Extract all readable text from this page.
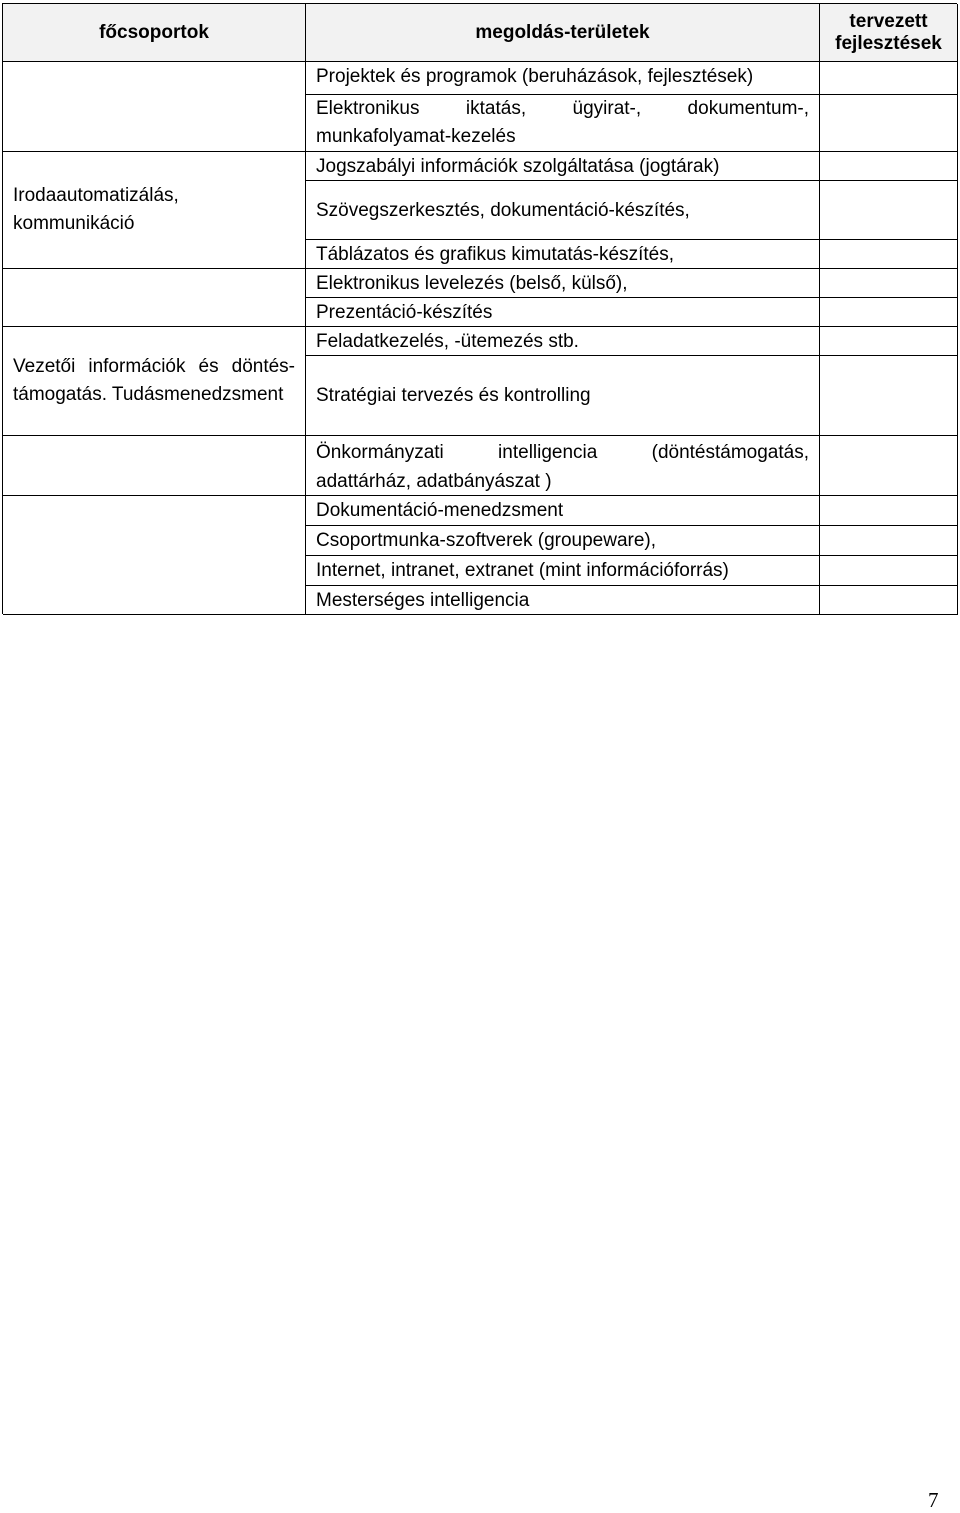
főcsoportok	megoldás-területek
tervezett fejlesztések
Irodaautomatizálás, kommunikáció
Vezetői információk és döntés-támogatás. Tudásmenedzsment
Projektek és programok (beruházások, fejlesztések)
Elektronikus iktatás, ügyirat-, dokumentum-, munkafolyamat-kezelés
Jogszabályi információk szolgáltatása (jogtárak)
Szövegszerkesztés, dokumentáció-készítés,
Táblázatos és grafikus kimutatás-készítés,
Elektronikus levelezés (belső, külső),
Prezentáció-készítés
Feladatkezelés, -ütemezés stb.
Stratégiai tervezés és kontrolling
Önkormányzati intelligencia (döntéstámogatás, adattárház, adatbányászat )
Dokumentáció-menedzsment
Csoportmunka-szoftverek (groupeware),
Internet, intranet, extranet (mint információforrás)
Mesterséges intelligencia
7
